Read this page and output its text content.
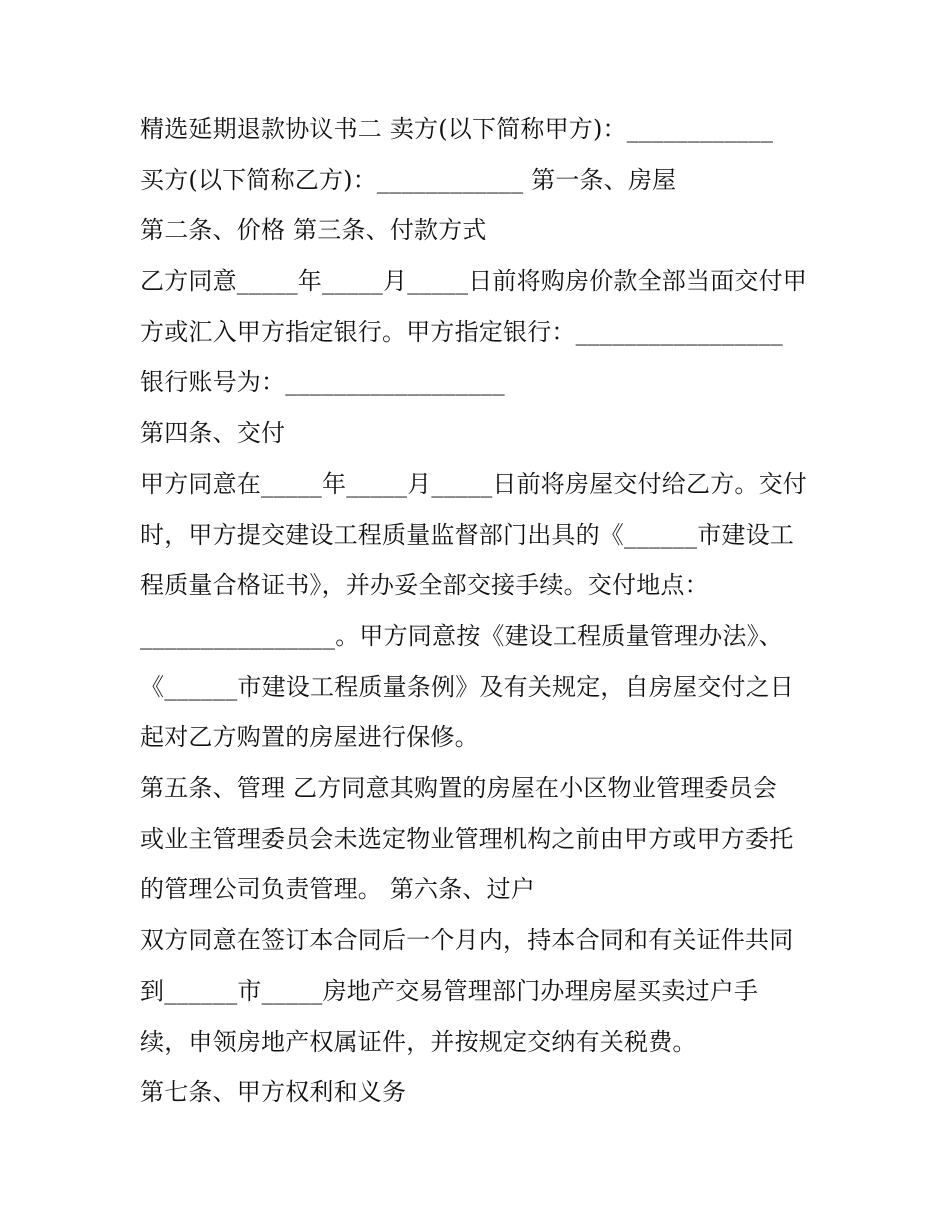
精选延期退款协议书二 卖方(以下简称甲方)：____________
买方(以下简称乙方)：____________ 第一条、房屋
第二条、价格 第三条、付款方式
乙方同意_____年_____月_____日前将购房价款全部当面交付甲
方或汇入甲方指定银行。甲方指定银行：_________________
银行账号为：__________________
第四条、交付
甲方同意在_____年_____月_____日前将房屋交付给乙方。交付
时，甲方提交建设工程质量监督部门出具的《______市建设工
程质量合格证书》，并办妥全部交接手续。交付地点：
________________。甲方同意按《建设工程质量管理办法》、
《______市建设工程质量条例》及有关规定，自房屋交付之日
起对乙方购置的房屋进行保修。
第五条、管理 乙方同意其购置的房屋在小区物业管理委员会
或业主管理委员会未选定物业管理机构之前由甲方或甲方委托
的管理公司负责管理。 第六条、过户
双方同意在签订本合同后一个月内，持本合同和有关证件共同
到______市_____房地产交易管理部门办理房屋买卖过户手
续，申领房地产权属证件，并按规定交纳有关税费。
第七条、甲方权利和义务
